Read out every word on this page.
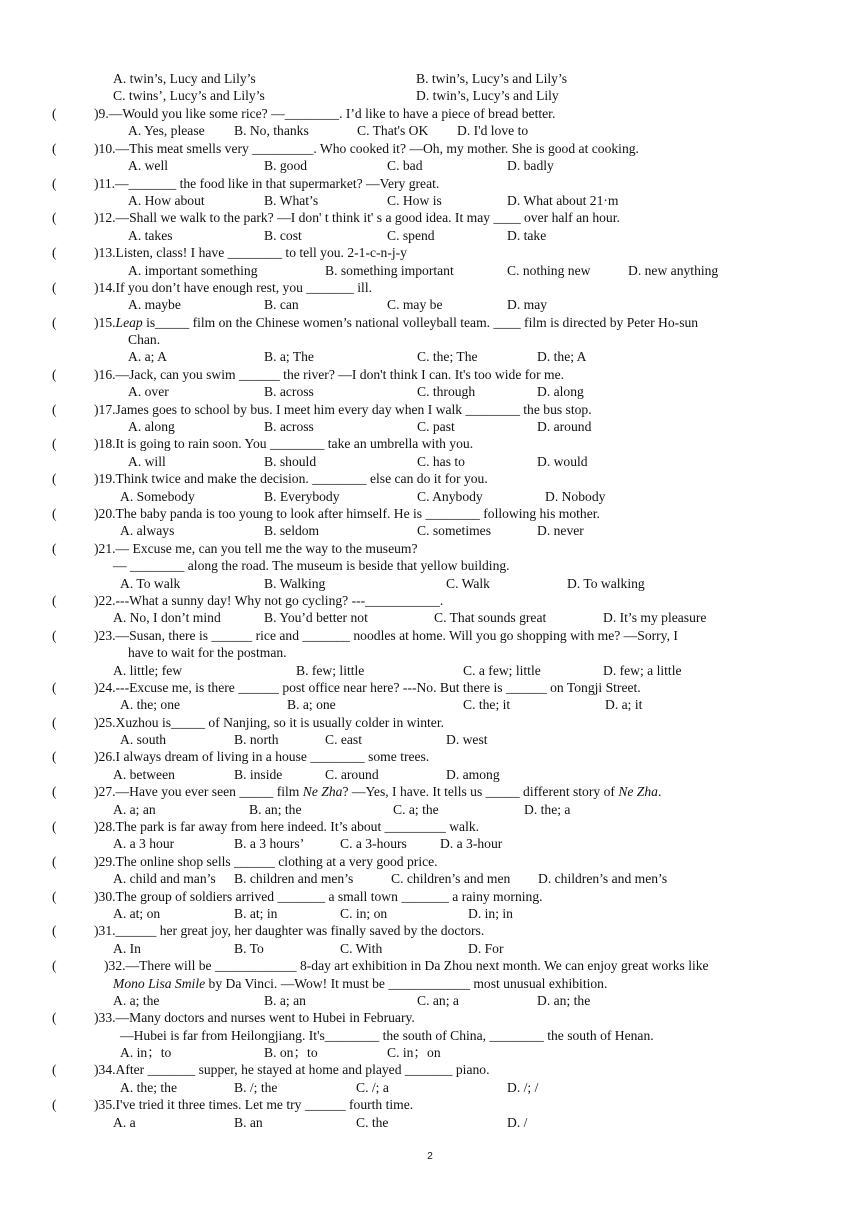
A. twin’s, Lucy and Lily’s	B. twin’s, Lucy’s and Lily’s
C. twins’, Lucy’s and Lily’s	D. twin’s, Lucy’s and Lily
(	)9.—Would you like some rice? —________. I’d like to have a piece of bread better.
A. Yes, please B. No, thanks	C. That's OK D. I'd love to
(	)10.—This meat smells very _________. Who cooked it? —Oh, my mother. She is good at cooking.
A. well	B. good	C. bad	D. badly
(	)11.—_______ the food like in that supermarket? —Very great.
A. How about	B. What’s	C. How is	D. What about 21·m
(	)12.—Shall we walk to the park? —I don' t think it' s a good idea. It may ____ over half an hour.
A. takes	B. cost	C. spend	D. take
(	)13.Listen, class! I have ________ to tell you. 2-1-c-n-j-y
A. important something	B. something important	C. nothing new	D. new anything
(	)14.If you don’t have enough rest, you _______ ill.
A. maybe	B. can	C. may be	D. may
(	)15.Leap is_____ film on the Chinese women’s national volleyball team. ____ film is directed by Peter Ho-sun
Chan.
A. a; A	B. a; The	C. the; The	D. the; A
(	)16.—Jack, can you swim ______ the river? —I don't think I can. It's too wide for me.
A. over	B. across	C. through	D. along
(	)17.James goes to school by bus. I meet him every day when I walk ________ the bus stop.
A. along	B. across	C. past	D. around
(	)18.It is going to rain soon. You ________ take an umbrella with you.
A. will	B. should	C. has to	D. would
(	)19.Think twice and make the decision. ________ else can do it for you.
A. Somebody	B. Everybody	C. Anybody	D. Nobody
(	)20.The baby panda is too young to look after himself. He is ________ following his mother.
A. always	B. seldom	C. sometimes	D. never
(	)21.— Excuse me, can you tell me the way to the museum?
— ________ along the road. The museum is beside that yellow building.
A. To walk	B. Walking	C. Walk	D. To walking
(	)22.---What a sunny day! Why not go cycling? ---___________.
A. No, I don’t mind	B. You’d better not	C. That sounds great	D. It’s my pleasure
(	)23.—Susan, there is ______ rice and _______ noodles at home. Will you go shopping with me? —Sorry, I
have to wait for the postman.
A. little; few	B. few; little	C. a few; little	D. few; a little
(	)24.---Excuse me, is there ______ post office near here? ---No. But there is ______ on Tongji Street.
A. the; one	B. a; one	C. the; it	D. a; it
(	)25.Xuzhou is_____ of Nanjing, so it is usually colder in winter.
A. south	B. north	C. east	D. west
(	)26.I always dream of living in a house ________ some trees.
A. between	B. inside	C. around	D. among
(	)27.—Have you ever seen _____ film Ne Zha? —Yes, I have. It tells us _____ different story of Ne Zha.
A. a; an	B. an; the	C. a; the	D. the; a
(	)28.The park is far away from here indeed. It’s about _________ walk.
A. a 3 hour	B. a 3 hours’	C. a 3-hours D. a 3-hour
(	)29.The online shop sells ______ clothing at a very good price.
A. child and man’s B. children and men’s	C. children’s and men D. children’s and men’s
(	)30.The group of soldiers arrived _______ a small town _______ a rainy morning.
A. at; on	B. at; in	C. in; on	D. in; in
(	)31.______ her great joy, her daughter was finally saved by the doctors.
A. In	B. To	C. With	D. For
(	)32.—There will be ____________ 8-day art exhibition in Da Zhou next month. We can enjoy great works like
Mono Lisa Smile by Da Vinci. —Wow! It must be ____________ most unusual exhibition.
A. a; the	B. a; an	C. an; a	D. an; the
(	)33.—Many doctors and nurses went to Hubei in February.
—Hubei is far from Heilongjiang. It's________ the south of China, ________ the south of Henan.
A. in；to	B. on；to	C. in；on
(	)34.After _______ supper, he stayed at home and played _______ piano.
A. the; the	B. /; the	C. /; a	D. /; /
(	)35.I've tried it three times. Let me try ______ fourth time.
A. a	B. an	C. the	D. /
2
